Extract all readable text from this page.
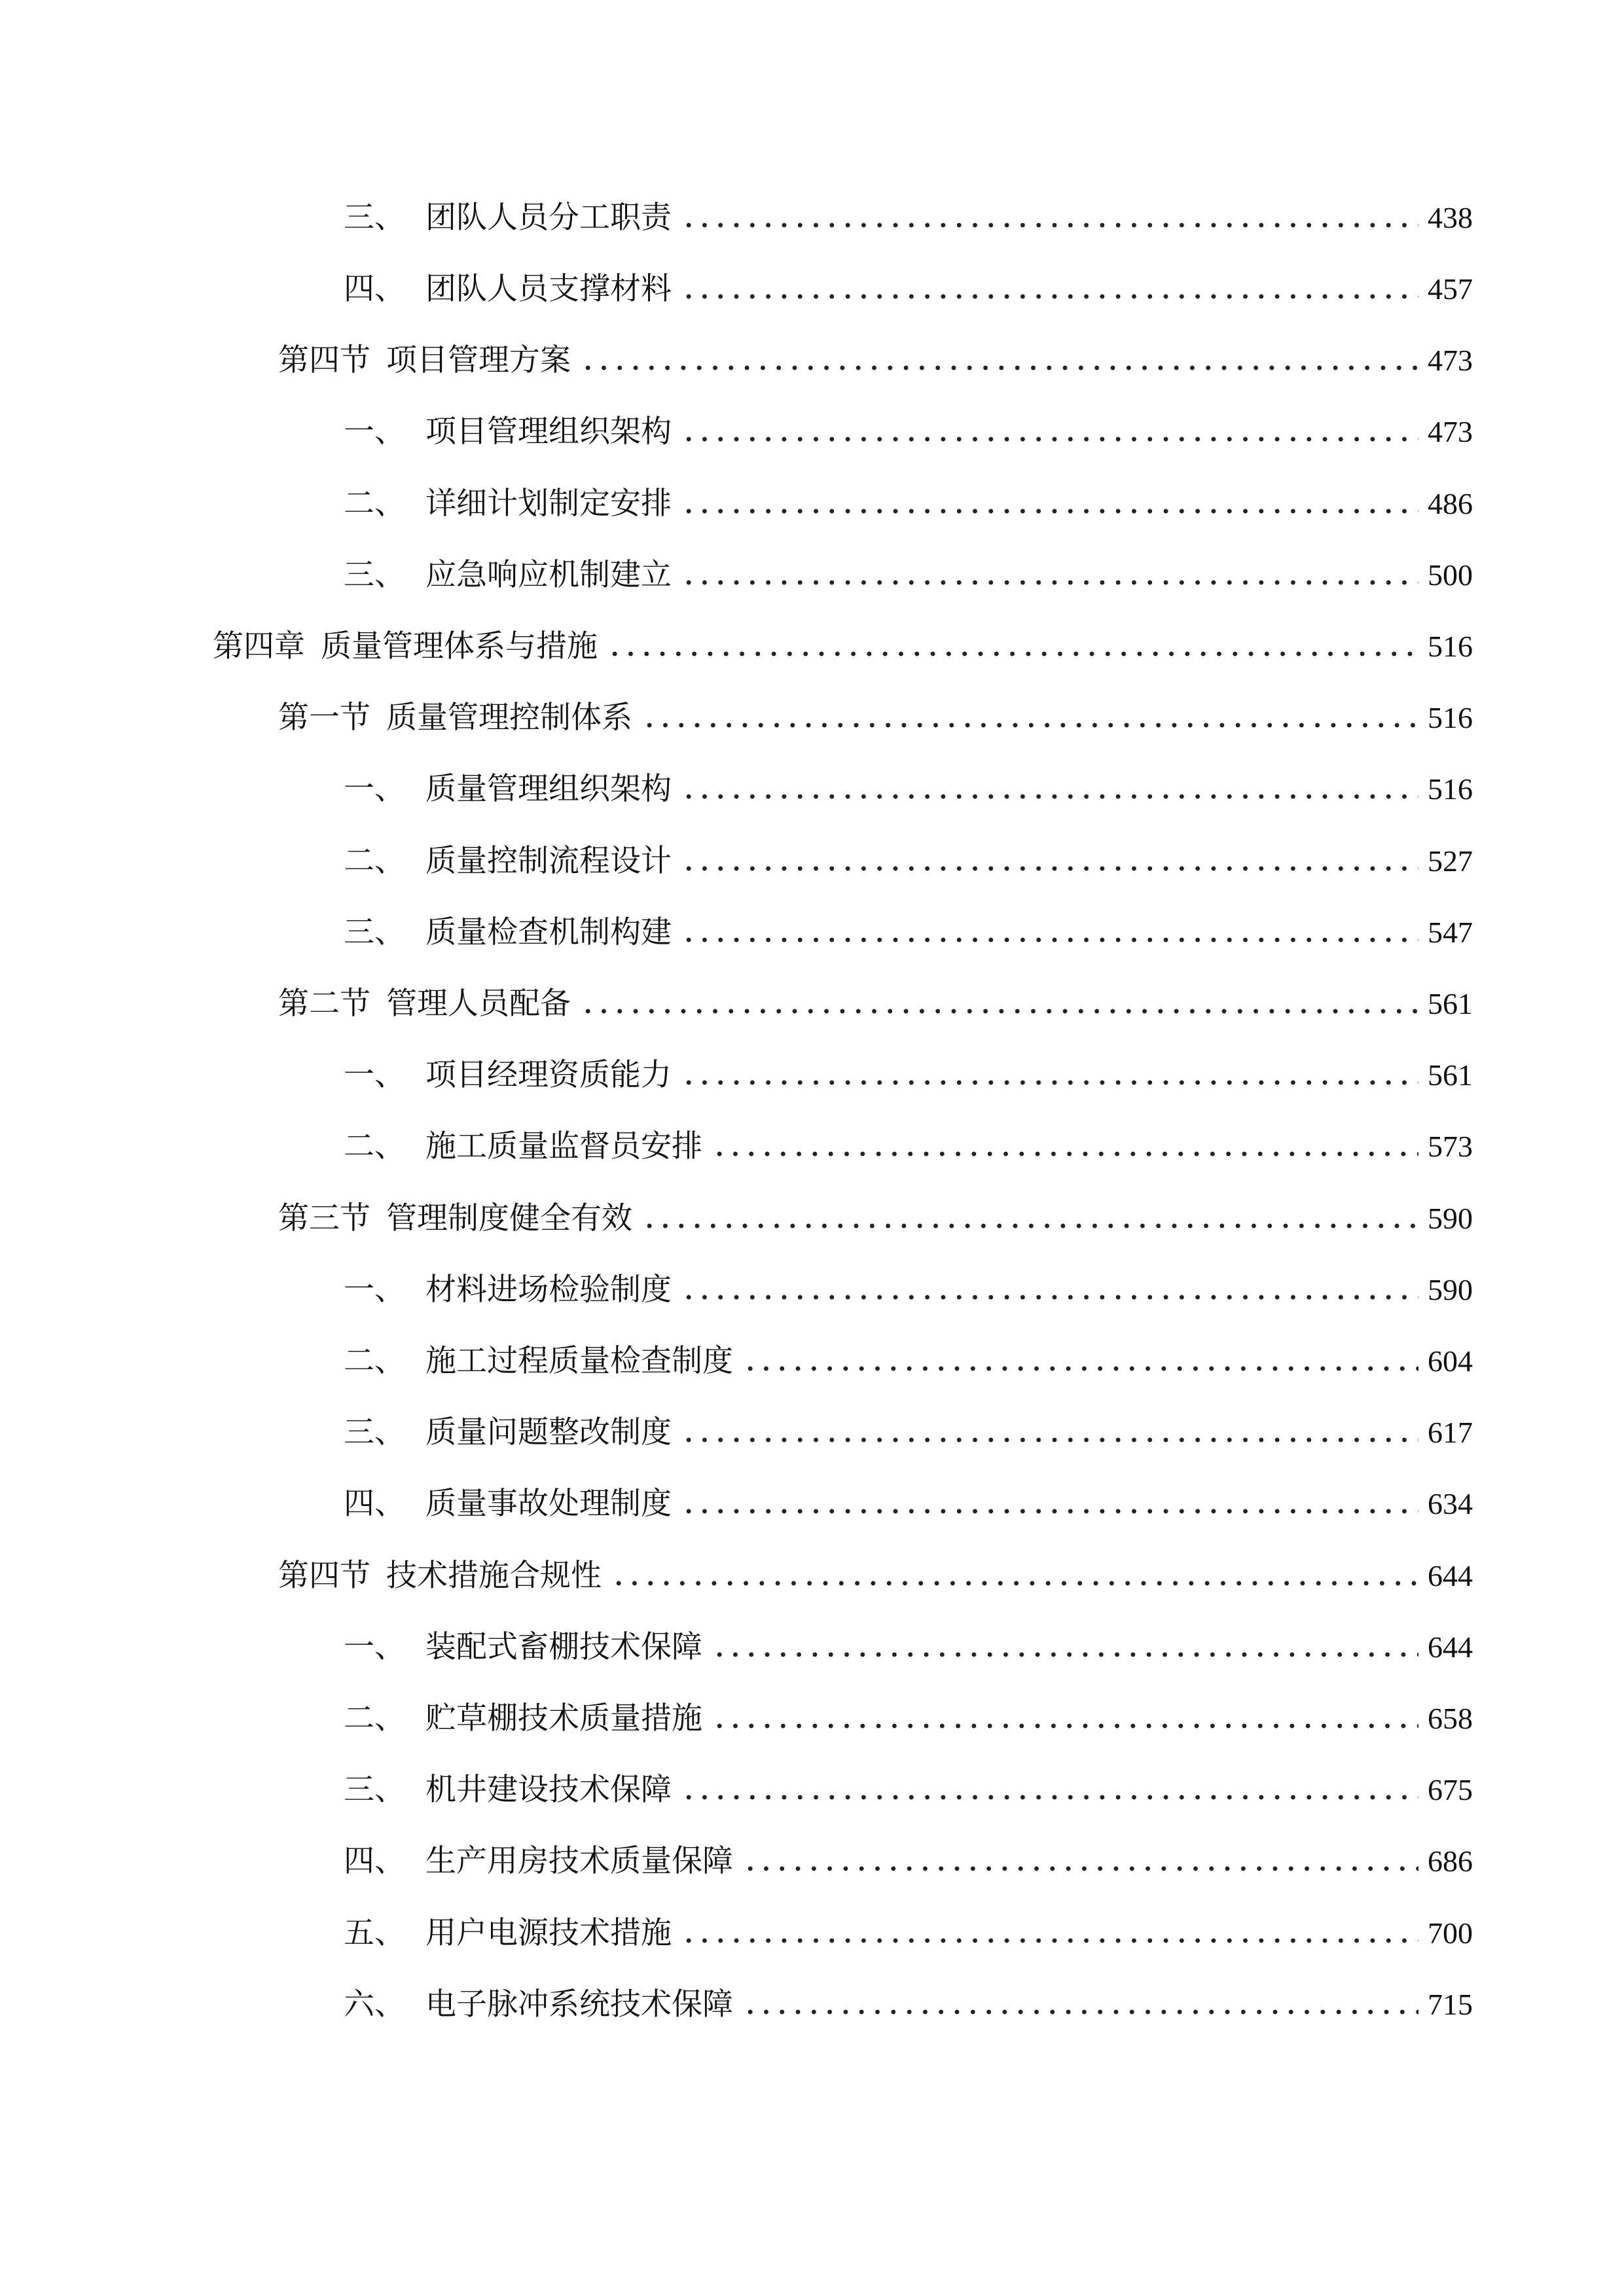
三、 团队人员分工职责	438
四、 团队人员支撑材料	457
第四节 项目管理方案	473
一、 项目管理组织架构	473
二、 详细计划制定安排	486
三、 应急响应机制建立	500
第四章 质量管理体系与措施	516
第一节 质量管理控制体系	516
一、 质量管理组织架构	516
二、 质量控制流程设计	527
三、 质量检查机制构建	547
第二节 管理人员配备	561
一、 项目经理资质能力	561
二、 施工质量监督员安排	573
第三节 管理制度健全有效	590
一、 材料进场检验制度	590
二、 施工过程质量检查制度	604
三、 质量问题整改制度	617
四、 质量事故处理制度	634
第四节 技术措施合规性	644
一、 装配式畜棚技术保障	644
二、 贮草棚技术质量措施	658
三、 机井建设技术保障	675
四、 生产用房技术质量保障	686
五、 用户电源技术措施	700
六、 电子脉冲系统技术保障	715
